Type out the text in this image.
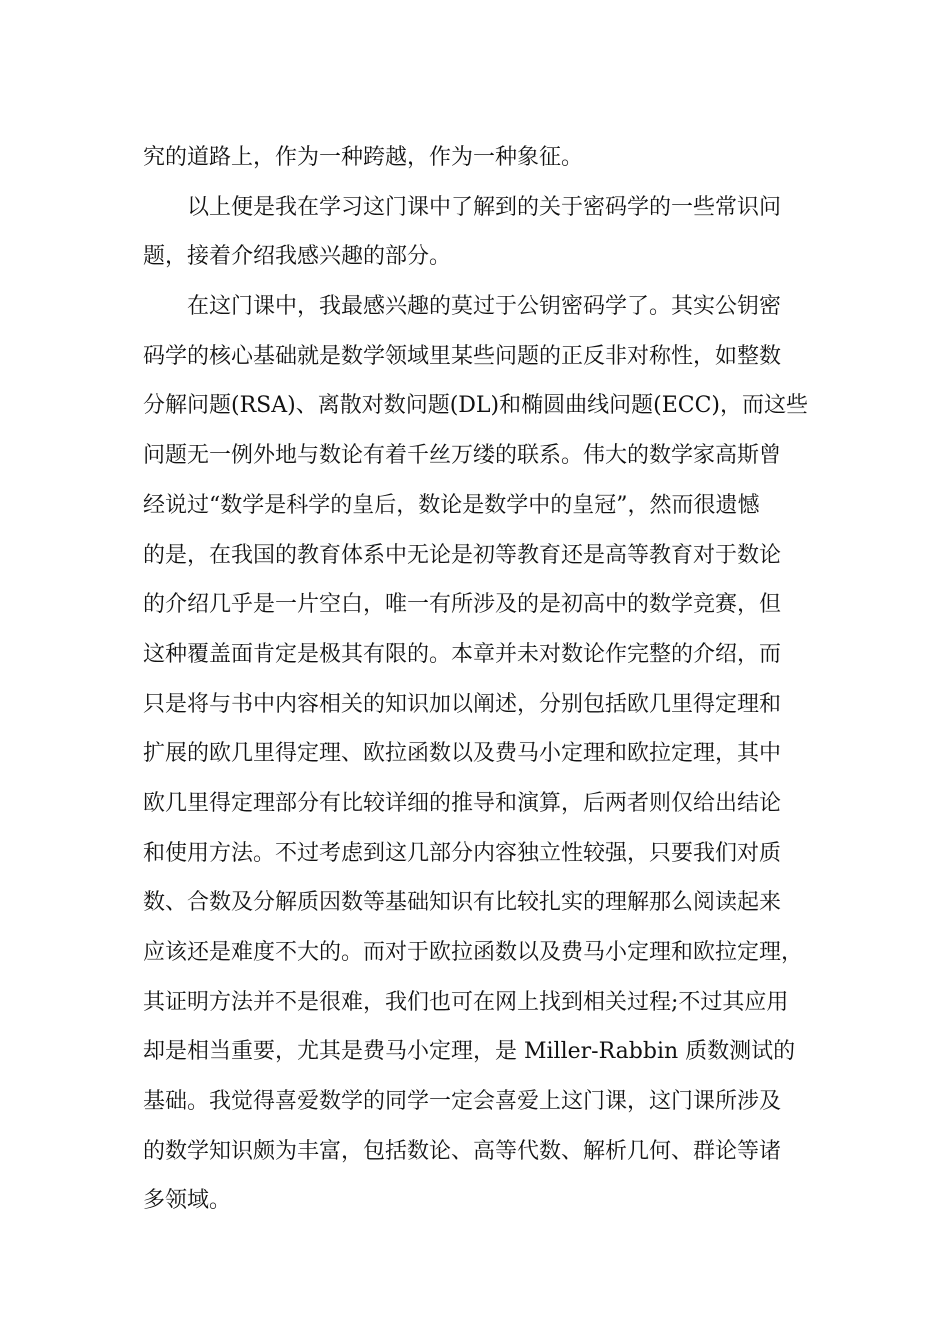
究的道路上，作为一种跨越，作为一种象征。
以上便是我在学习这门课中了解到的关于密码学的一些常识问
题，接着介绍我感兴趣的部分。
在这门课中，我最感兴趣的莫过于公钥密码学了。其实公钥密
码学的核心基础就是数学领域里某些问题的正反非对称性，如整数
分解问题(RSA)、离散对数问题(DL)和椭圆曲线问题(ECC)，而这些
问题无一例外地与数论有着千丝万缕的联系。伟大的数学家高斯曾
经说过“数学是科学的皇后，数论是数学中的皇冠”，然而很遗憾
的是，在我国的教育体系中无论是初等教育还是高等教育对于数论
的介绍几乎是一片空白，唯一有所涉及的是初高中的数学竞赛，但
这种覆盖面肯定是极其有限的。本章并未对数论作完整的介绍，而
只是将与书中内容相关的知识加以阐述，分别包括欧几里得定理和
扩展的欧几里得定理、欧拉函数以及费马小定理和欧拉定理，其中
欧几里得定理部分有比较详细的推导和演算，后两者则仅给出结论
和使用方法。不过考虑到这几部分内容独立性较强，只要我们对质
数、合数及分解质因数等基础知识有比较扎实的理解那么阅读起来
应该还是难度不大的。而对于欧拉函数以及费马小定理和欧拉定理，
其证明方法并不是很难，我们也可在网上找到相关过程;不过其应用
却是相当重要，尤其是费马小定理，是 Miller-Rabbin 质数测试的
基础。我觉得喜爱数学的同学一定会喜爱上这门课，这门课所涉及
的数学知识颇为丰富，包括数论、高等代数、解析几何、群论等诸
多领域。
